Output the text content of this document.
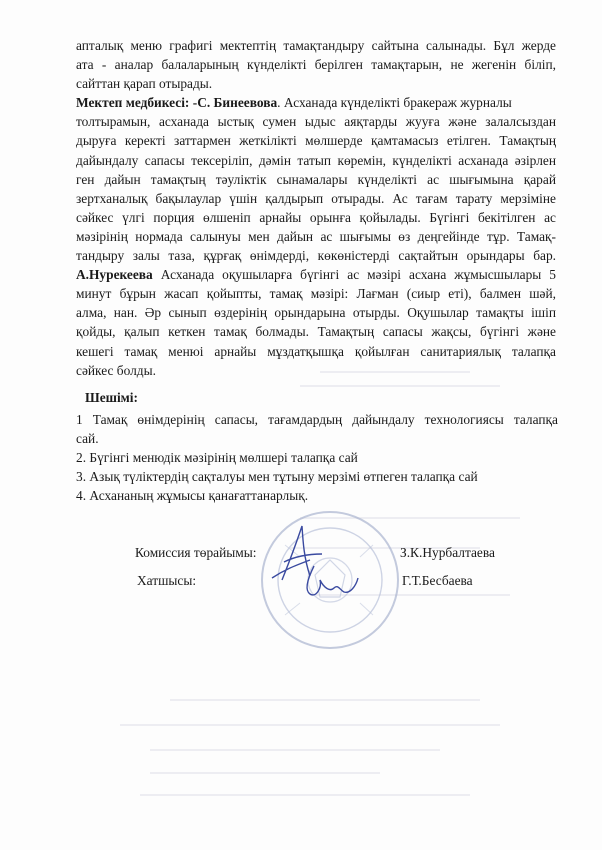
апталық меню графигі мектептің тамақтандыру сайтына салынады. Бұл жерде
ата - аналар балаларының күнделікті берілген тамақтарын, не жегенін біліп,
сайттан қарап отырады.
Мектеп медбикесі: -С. Бинеевова. Асханада күнделікті бракераж журналы
толтырамын, асханада ыстық сумен ыдыс аяқтарды жууға және залалсыздан
дыруға керекті заттармен жеткілікті мөлшерде қамтамасыз етілген. Тамақтың
дайындалу сапасы тексеріліп, дәмін татып көремін, күнделікті асханада әзірлен
ген дайын тамақтың тәуліктік сынамалары күнделікті ас шығымына қарай
зертханалық бақылаулар үшін қалдырып отырады. Ас тағам тарату мерзіміне
сәйкес үлгі порция өлшеніп арнайы орынға қойылады. Бүгінгі бекітілген ас
мәзірінің нормада салынуы мен дайын ас шығымы өз деңгейінде тұр. Тамақ-
тандыру залы таза, құрғақ өнімдерді, көкөністерді сақтайтын орындары бар.
А.Нурекеева Асханада оқушыларға бүгінгі ас мәзірі асхана жұмысшылары 5
минут бұрын жасап қойыпты, тамақ мәзірі: Лағман (сиыр еті), балмен шәй,
алма, нан. Әр сынып өздерінің орындарына отырды. Оқушылар тамақты ішіп
қойды, қалып кеткен тамақ болмады. Тамақтың сапасы жақсы, бүгінгі және
кешегі тамақ менюі арнайы мұздатқышқа қойылған санитариялық талапқа
сәйкес болды.
Шешімі:
1 Тамақ өнімдерінің сапасы, тағамдардың дайындалу технологиясы талапқа
сай.
2. Бүгінгі менюдік мәзірінің мөлшері талапқа сай
3. Азық түліктердің сақталуы мен тұтыну мерзімі өтпеген талапқа сай
4. Асхананың жұмысы қанағаттанарлық.
Комиссия төрайымы:	З.К.Нурбалтаева
Хатшысы:	Г.Т.Бесбаева
